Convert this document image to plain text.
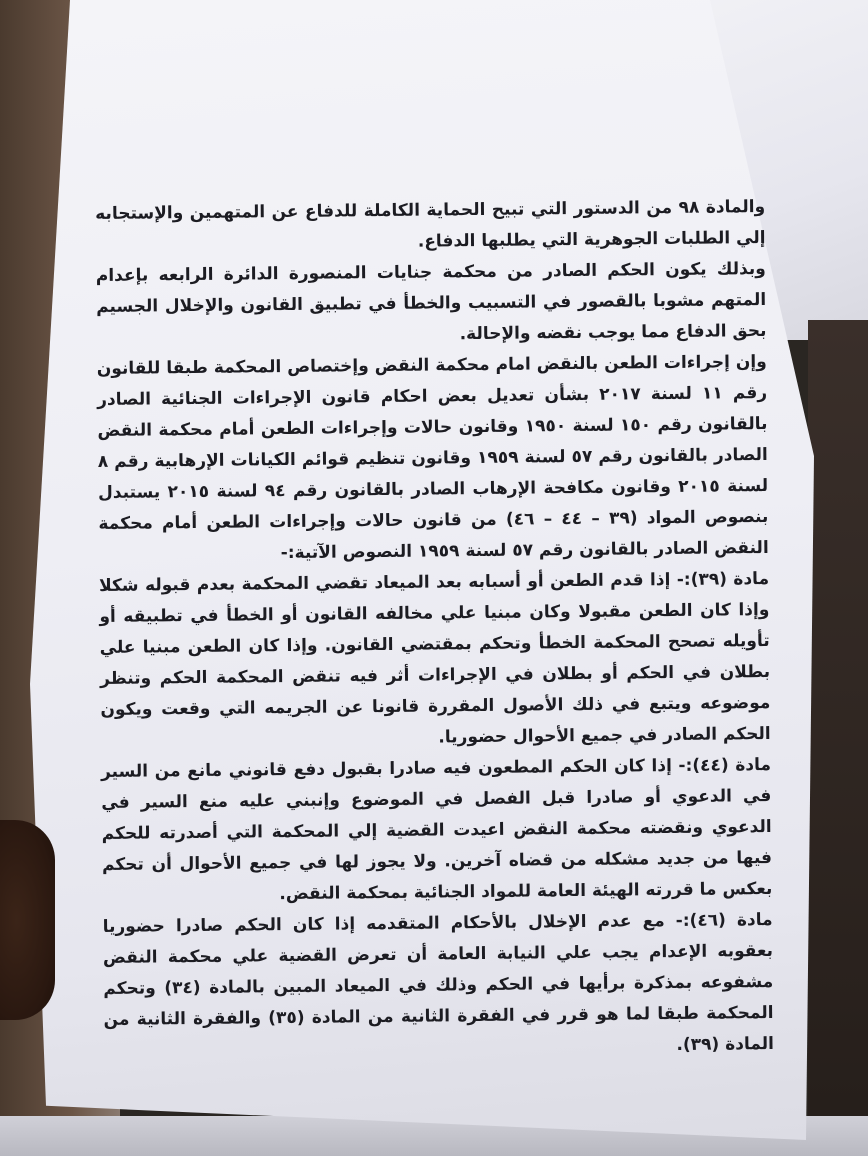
والمادة ٩٨ من الدستور التي تبيح الحماية الكاملة للدفاع عن المتهمين والإستجابه إلي الطلبات الجوهرية التي يطلبها الدفاع.

وبذلك يكون الحكم الصادر من محكمة جنايات المنصورة الدائرة الرابعه بإعدام المتهم مشوبا بالقصور في التسبيب والخطأ في تطبيق القانون والإخلال الجسيم بحق الدفاع مما يوجب نقضه والإحالة.

وإن إجراءات الطعن بالنقض امام محكمة النقض وإختصاص المحكمة طبقا للقانون رقم ١١ لسنة ٢٠١٧ بشأن تعديل بعض احكام قانون الإجراءات الجنائية الصادر بالقانون رقم ١٥٠ لسنة ١٩٥٠ وقانون حالات وإجراءات الطعن أمام محكمة النقض الصادر بالقانون رقم ٥٧ لسنة ١٩٥٩ وقانون تنظيم قوائم الكيانات الإرهابية رقم ٨ لسنة ٢٠١٥ وقانون مكافحة الإرهاب الصادر بالقانون رقم ٩٤ لسنة ٢٠١٥ يستبدل بنصوص المواد (٣٩ – ٤٤ – ٤٦) من قانون حالات وإجراءات الطعن أمام محكمة النقض الصادر بالقانون رقم ٥٧ لسنة ١٩٥٩ النصوص الآتية:-

مادة (٣٩):- إذا قدم الطعن أو أسبابه بعد الميعاد تقضي المحكمة بعدم قبوله شكلا وإذا كان الطعن مقبولا وكان مبنيا علي مخالفه القانون أو الخطأ في تطبيقه أو تأويله تصحح المحكمة الخطأ وتحكم بمقتضي القانون. وإذا كان الطعن مبنيا علي بطلان في الحكم أو بطلان في الإجراءات أثر فيه تنقض المحكمة الحكم وتنظر موضوعه ويتبع في ذلك الأصول المقررة قانونا عن الجريمه التي وقعت ويكون الحكم الصادر في جميع الأحوال حضوريا.

مادة (٤٤):- إذا كان الحكم المطعون فيه صادرا بقبول دفع قانوني مانع من السير في الدعوي أو صادرا قبل الفصل في الموضوع وإنبني عليه منع السير في الدعوي ونقضته محكمة النقض اعيدت القضية إلي المحكمة التي أصدرته للحكم فيها من جديد مشكله من قضاه آخرين. ولا يجوز لها في جميع الأحوال أن تحكم بعكس ما قررته الهيئة العامة للمواد الجنائية بمحكمة النقض.

مادة (٤٦):- مع عدم الإخلال بالأحكام المتقدمه إذا كان الحكم صادرا حضوريا بعقوبه الإعدام يجب علي النيابة العامة أن تعرض القضية علي محكمة النقض مشفوعه بمذكرة برأيها في الحكم وذلك في الميعاد المبين بالمادة (٣٤) وتحكم المحكمة طبقا لما هو قرر في الفقرة الثانية من المادة (٣٥) والفقرة الثانية من المادة (٣٩).
